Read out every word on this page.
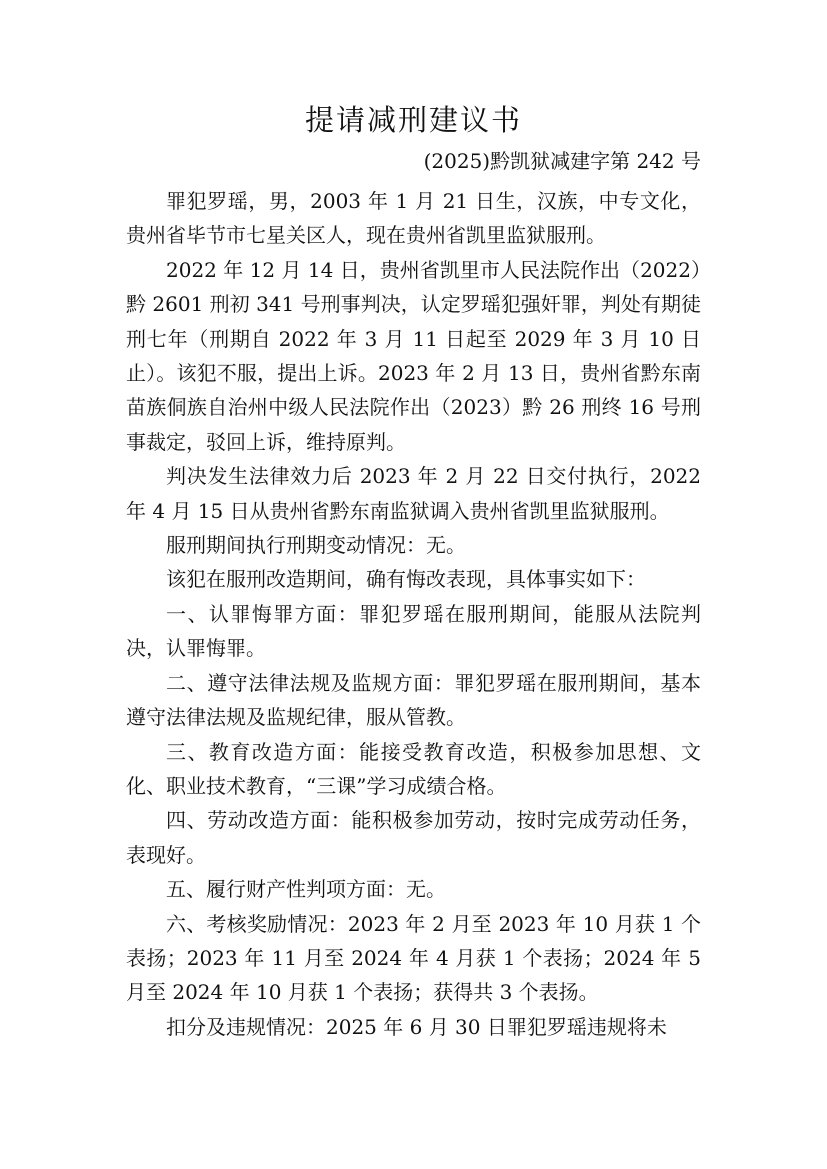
提请减刑建议书
(2025)黔凯狱减建字第 242 号

罪犯罗瑶，男，2003 年 1 月 21 日生，汉族，中专文化，贵州省毕节市七星关区人，现在贵州省凯里监狱服刑。

2022 年 12 月 14 日，贵州省凯里市人民法院作出（2022）黔 2601 刑初 341 号刑事判决，认定罗瑶犯强奸罪，判处有期徒刑七年（刑期自 2022 年 3 月 11 日起至 2029 年 3 月 10 日止）。该犯不服，提出上诉。2023 年 2 月 13 日，贵州省黔东南苗族侗族自治州中级人民法院作出（2023）黔 26 刑终 16 号刑事裁定，驳回上诉，维持原判。

判决发生法律效力后 2023 年 2 月 22 日交付执行，2022 年 4 月 15 日从贵州省黔东南监狱调入贵州省凯里监狱服刑。

服刑期间执行刑期变动情况：无。

该犯在服刑改造期间，确有悔改表现，具体事实如下：

一、认罪悔罪方面：罪犯罗瑶在服刑期间，能服从法院判决，认罪悔罪。

二、遵守法律法规及监规方面：罪犯罗瑶在服刑期间，基本遵守法律法规及监规纪律，服从管教。

三、教育改造方面：能接受教育改造，积极参加思想、文化、职业技术教育，“三课”学习成绩合格。

四、劳动改造方面：能积极参加劳动，按时完成劳动任务，表现好。

五、履行财产性判项方面：无。

六、考核奖励情况：2023 年 2 月至 2023 年 10 月获 1 个表扬；2023 年 11 月至 2024 年 4 月获 1 个表扬；2024 年 5 月至 2024 年 10 月获 1 个表扬；获得共 3 个表扬。

扣分及违规情况：2025 年 6 月 30 日罪犯罗瑶违规将未
